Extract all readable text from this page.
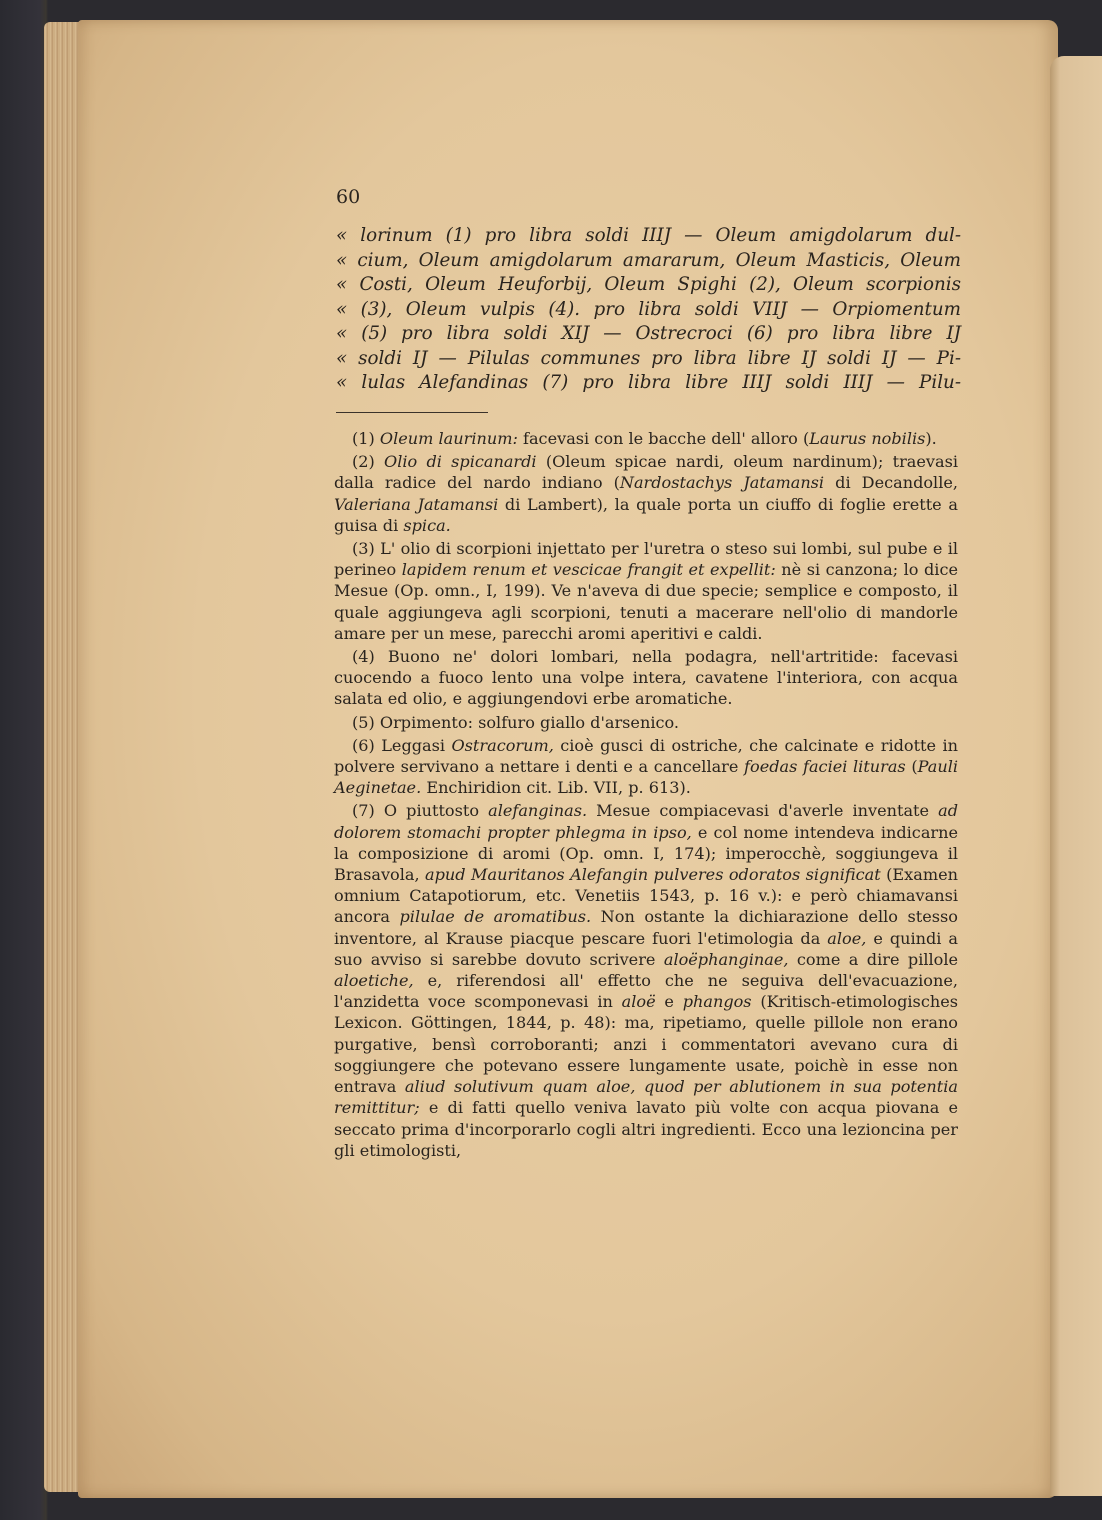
60
« lorinum (1) pro libra soldi IIIJ — Oleum amigdolarum dul-
« cium, Oleum amigdolarum amararum, Oleum Masticis, Oleum
« Costi, Oleum Heuforbij, Oleum Spighi (2), Oleum scorpionis
« (3), Oleum vulpis (4). pro libra soldi VIIJ — Orpiomentum
« (5) pro libra soldi XIJ — Ostrecroci (6) pro libra libre IJ
« soldi IJ — Pilulas communes pro libra libre IJ soldi IJ — Pi-
« lulas Alefandinas (7) pro libra libre IIIJ soldi IIIJ — Pilu-

(1) Oleum laurinum: facevasi con le bacche dell' alloro (Laurus nobilis).

(2) Olio di spicanardi (Oleum spicae nardi, oleum nardinum); traevasi dalla radice del nardo indiano (Nardostachys Jatamansi di Decandolle, Valeriana Jatamansi di Lambert), la quale porta un ciuffo di foglie erette a guisa di spica.

(3) L' olio di scorpioni injettato per l'uretra o steso sui lombi, sul pube e il perineo lapidem renum et vescicae frangit et expellit: nè si canzona; lo dice Mesue (Op. omn., I, 199). Ve n'aveva di due specie; semplice e composto, il quale aggiungeva agli scorpioni, tenuti a macerare nell'olio di mandorle amare per un mese, parecchi aromi aperitivi e caldi.

(4) Buono ne' dolori lombari, nella podagra, nell'artritide: facevasi cuocendo a fuoco lento una volpe intera, cavatene l'interiora, con acqua salata ed olio, e aggiungendovi erbe aromatiche.

(5) Orpimento: solfuro giallo d'arsenico.

(6) Leggasi Ostracorum, cioè gusci di ostriche, che calcinate e ridotte in polvere servivano a nettare i denti e a cancellare foedas faciei lituras (Pauli Aeginetae. Enchiridion cit. Lib. VII, p. 613).

(7) O piuttosto alefanginas. Mesue compiacevasi d'averle inventate ad dolorem stomachi propter phlegma in ipso, e col nome intendeva indicarne la composizione di aromi (Op. omn. I, 174); imperocchè, soggiungeva il Brasavola, apud Mauritanos Alefangin pulveres odoratos significat (Examen omnium Catapotiorum, etc. Venetiis 1543, p. 16 v.): e però chiamavansi ancora pilulae de aromatibus. Non ostante la dichiarazione dello stesso inventore, al Krause piacque pescare fuori l'etimologia da aloe, e quindi a suo avviso si sarebbe dovuto scrivere aloëphanginae, come a dire pillole aloetiche, e, riferendosi all' effetto che ne seguiva dell'evacuazione, l'anzidetta voce scomponevasi in aloë e phangos (Kritisch-etimologisches Lexicon. Göttingen, 1844, p. 48): ma, ripetiamo, quelle pillole non erano purgative, bensì corroboranti; anzi i commentatori avevano cura di soggiungere che potevano essere lungamente usate, poichè in esse non entrava aliud solutivum quam aloe, quod per ablutionem in sua potentia remittitur; e di fatti quello veniva lavato più volte con acqua piovana e seccato prima d'incorporarlo cogli altri ingredienti. Ecco una lezioncina per gli etimologisti,
